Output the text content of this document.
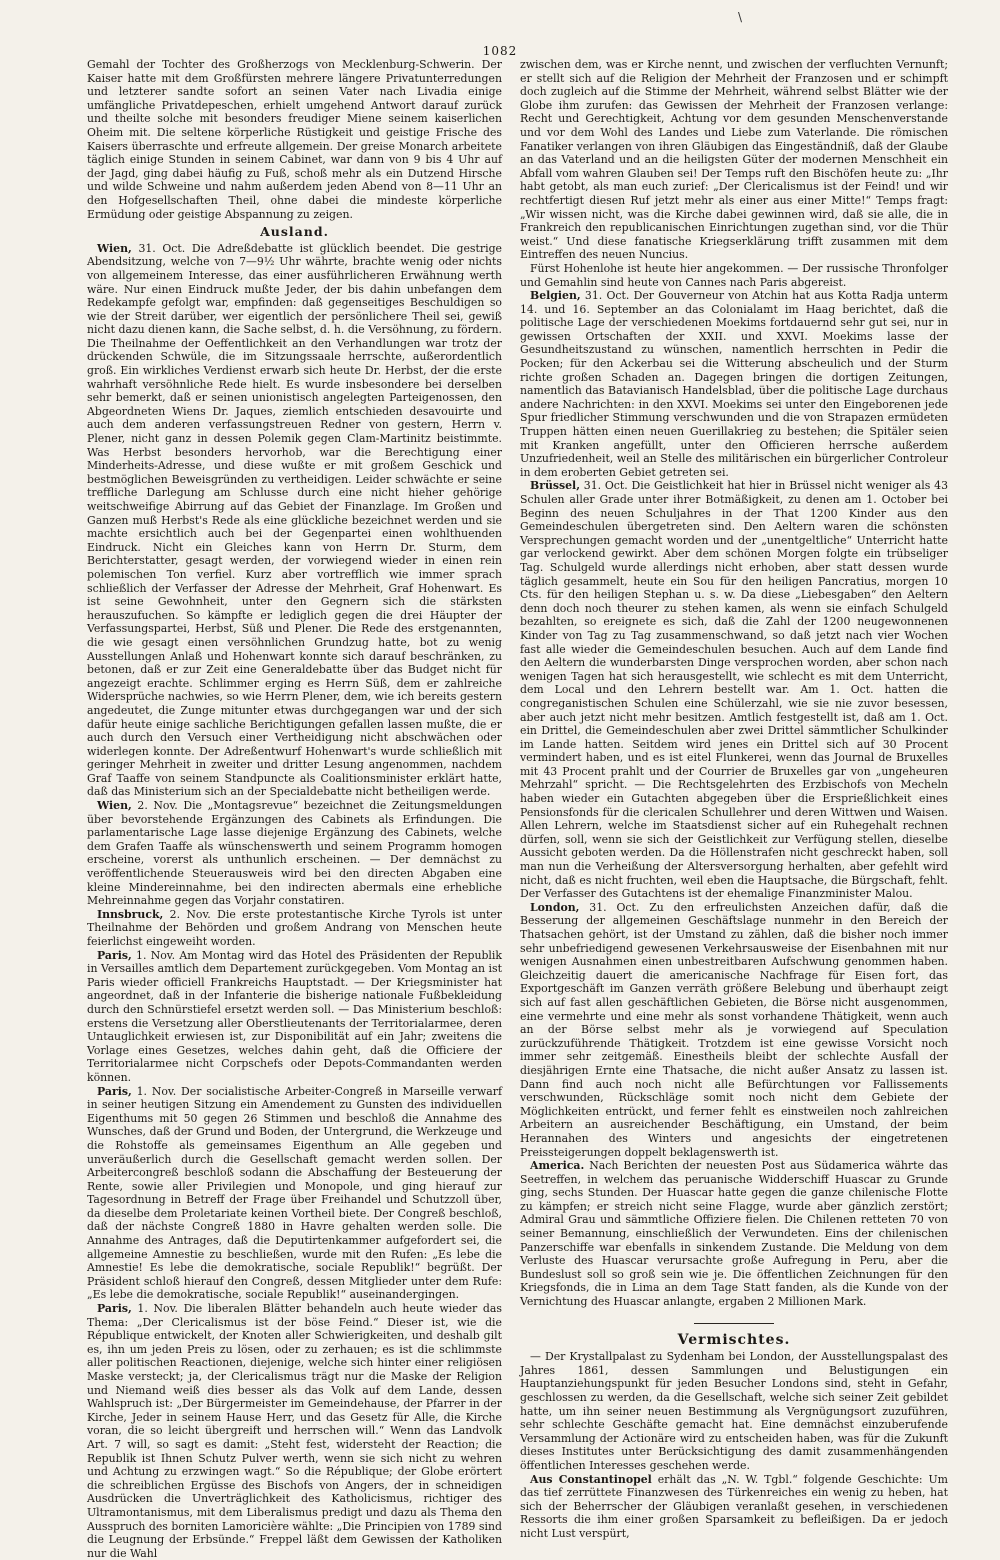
1082
\

Gemahl der Tochter des Großherzogs von Mecklenburg-Schwerin. Der Kaiser hatte mit dem Großfürsten mehrere längere Privatunterredungen und letzterer sandte sofort an seinen Vater nach Livadia einige umfängliche Privatdepeschen, erhielt umgehend Antwort darauf zurück und theilte solche mit besonders freudiger Miene seinem kaiserlichen Oheim mit. Die seltene körperliche Rüstigkeit und geistige Frische des Kaisers überraschte und erfreute allgemein. Der greise Monarch arbeitete täglich einige Stunden in seinem Cabinet, war dann von 9 bis 4 Uhr auf der Jagd, ging dabei häufig zu Fuß, schoß mehr als ein Dutzend Hirsche und wilde Schweine und nahm außerdem jeden Abend von 8—11 Uhr an den Hofgesellschaften Theil, ohne dabei die mindeste körperliche Ermüdung oder geistige Abspannung zu zeigen.

Ausland.

Wien, 31. Oct. Die Adreßdebatte ist glücklich beendet. Die gestrige Abendsitzung, welche von 7—9½ Uhr währte, brachte wenig oder nichts von allgemeinem Interesse, das einer ausführlicheren Erwähnung werth wäre. Nur einen Eindruck mußte Jeder, der bis dahin unbefangen dem Redekampfe gefolgt war, empfinden: daß gegenseitiges Beschuldigen so wie der Streit darüber, wer eigentlich der persönlichere Theil sei, gewiß nicht dazu dienen kann, die Sache selbst, d. h. die Versöhnung, zu fördern. Die Theilnahme der Oeffentlichkeit an den Verhandlungen war trotz der drückenden Schwüle, die im Sitzungssaale herrschte, außerordentlich groß. Ein wirkliches Verdienst erwarb sich heute Dr. Herbst, der die erste wahrhaft versöhnliche Rede hielt. Es wurde insbesondere bei derselben sehr bemerkt, daß er seinen unionistisch angelegten Parteigenossen, den Abgeordneten Wiens Dr. Jaques, ziemlich entschieden desavouirte und auch dem anderen verfassungstreuen Redner von gestern, Herrn v. Plener, nicht ganz in dessen Polemik gegen Clam-Martinitz beistimmte. Was Herbst besonders hervorhob, war die Berechtigung einer Minderheits-Adresse, und diese wußte er mit großem Geschick und bestmöglichen Beweisgründen zu vertheidigen. Leider schwächte er seine treffliche Darlegung am Schlusse durch eine nicht hieher gehörige weitschweifige Abirrung auf das Gebiet der Finanzlage. Im Großen und Ganzen muß Herbst's Rede als eine glückliche bezeichnet werden und sie machte ersichtlich auch bei der Gegenpartei einen wohlthuenden Eindruck. Nicht ein Gleiches kann von Herrn Dr. Sturm, dem Berichterstatter, gesagt werden, der vorwiegend wieder in einen rein polemischen Ton verfiel. Kurz aber vortrefflich wie immer sprach schließlich der Verfasser der Adresse der Mehrheit, Graf Hohenwart. Es ist seine Gewohnheit, unter den Gegnern sich die stärksten herauszufuchen. So kämpfte er lediglich gegen die drei Häupter der Verfassungspartei, Herbst, Süß und Plener. Die Rede des erstgenannten, die wie gesagt einen versöhnlichen Grundzug hatte, bot zu wenig Ausstellungen Anlaß und Hohenwart konnte sich darauf beschränken, zu betonen, daß er zur Zeit eine Generaldebatte über das Budget nicht für angezeigt erachte. Schlimmer erging es Herrn Süß, dem er zahlreiche Widersprüche nachwies, so wie Herrn Plener, dem, wie ich bereits gestern angedeutet, die Zunge mitunter etwas durchgegangen war und der sich dafür heute einige sachliche Berichtigungen gefallen lassen mußte, die er auch durch den Versuch einer Vertheidigung nicht abschwächen oder widerlegen konnte. Der Adreßentwurf Hohenwart's wurde schließlich mit geringer Mehrheit in zweiter und dritter Lesung angenommen, nachdem Graf Taaffe von seinem Standpuncte als Coalitionsminister erklärt hatte, daß das Ministerium sich an der Specialdebatte nicht betheiligen werde.

Wien, 2. Nov. Die „Montagsrevue“ bezeichnet die Zeitungsmeldungen über bevorstehende Ergänzungen des Cabinets als Erfindungen. Die parlamentarische Lage lasse diejenige Ergänzung des Cabinets, welche dem Grafen Taaffe als wünschenswerth und seinem Programm homogen erscheine, vorerst als unthunlich erscheinen. — Der demnächst zu veröffentlichende Steuerausweis wird bei den directen Abgaben eine kleine Mindereinnahme, bei den indirecten abermals eine erhebliche Mehreinnahme gegen das Vorjahr constatiren.

Innsbruck, 2. Nov. Die erste protestantische Kirche Tyrols ist unter Theilnahme der Behörden und großem Andrang von Menschen heute feierlichst eingeweiht worden.

Paris, 1. Nov. Am Montag wird das Hotel des Präsidenten der Republik in Versailles amtlich dem Departement zurückgegeben. Vom Montag an ist Paris wieder officiell Frankreichs Hauptstadt. — Der Kriegsminister hat angeordnet, daß in der Infanterie die bisherige nationale Fußbekleidung durch den Schnürstiefel ersetzt werden soll. — Das Ministerium beschloß: erstens die Versetzung aller Oberstlieutenants der Territorialarmee, deren Untauglichkeit erwiesen ist, zur Disponibilität auf ein Jahr; zweitens die Vorlage eines Gesetzes, welches dahin geht, daß die Officiere der Territorialarmee nicht Corpschefs oder Depots-Commandanten werden können.

Paris, 1. Nov. Der socialistische Arbeiter-Congreß in Marseille verwarf in seiner heutigen Sitzung ein Amendement zu Gunsten des individuellen Eigenthums mit 50 gegen 26 Stimmen und beschloß die Annahme des Wunsches, daß der Grund und Boden, der Untergrund, die Werkzeuge und die Rohstoffe als gemeinsames Eigenthum an Alle gegeben und unveräußerlich durch die Gesellschaft gemacht werden sollen. Der Arbeitercongreß beschloß sodann die Abschaffung der Besteuerung der Rente, sowie aller Privilegien und Monopole, und ging hierauf zur Tagesordnung in Betreff der Frage über Freihandel und Schutzzoll über, da dieselbe dem Proletariate keinen Vortheil biete. Der Congreß beschloß, daß der nächste Congreß 1880 in Havre gehalten werden solle. Die Annahme des Antrages, daß die Deputirtenkammer aufgefordert sei, die allgemeine Amnestie zu beschließen, wurde mit den Rufen: „Es lebe die Amnestie! Es lebe die demokratische, sociale Republik!“ begrüßt. Der Präsident schloß hierauf den Congreß, dessen Mitglieder unter dem Rufe: „Es lebe die demokratische, sociale Republik!“ auseinandergingen.

Paris, 1. Nov. Die liberalen Blätter behandeln auch heute wieder das Thema: „Der Clericalismus ist der böse Feind.“ Dieser ist, wie die République entwickelt, der Knoten aller Schwierigkeiten, und deshalb gilt es, ihn um jeden Preis zu lösen, oder zu zerhauen; es ist die schlimmste aller politischen Reactionen, diejenige, welche sich hinter einer religiösen Maske versteckt; ja, der Clericalismus trägt nur die Maske der Religion und Niemand weiß dies besser als das Volk auf dem Lande, dessen Wahlspruch ist: „Der Bürgermeister im Gemeindehause, der Pfarrer in der Kirche, Jeder in seinem Hause Herr, und das Gesetz für Alle, die Kirche voran, die so leicht übergreift und herrschen will.“ Wenn das Landvolk Art. 7 will, so sagt es damit: „Steht fest, widersteht der Reaction; die Republik ist Ihnen Schutz Pulver werth, wenn sie sich nicht zu wehren und Achtung zu erzwingen wagt.“ So die République; der Globe erörtert die schreiblichen Ergüsse des Bischofs von Angers, der in schneidigen Ausdrücken die Unverträglichkeit des Katholicismus, richtiger des Ultramontanismus, mit dem Liberalismus predigt und dazu als Thema den Ausspruch des borniten Lamoricière wählte: „Die Principien von 1789 sind die Leugnung der Erbsünde.“ Freppel läßt dem Gewissen der Katholiken nur die Wahl

zwischen dem, was er Kirche nennt, und zwischen der verfluchten Vernunft; er stellt sich auf die Religion der Mehrheit der Franzosen und er schimpft doch zugleich auf die Stimme der Mehrheit, während selbst Blätter wie der Globe ihm zurufen: das Gewissen der Mehrheit der Franzosen verlange: Recht und Gerechtigkeit, Achtung vor dem gesunden Menschenverstande und vor dem Wohl des Landes und Liebe zum Vaterlande. Die römischen Fanatiker verlangen von ihren Gläubigen das Eingeständniß, daß der Glaube an das Vaterland und an die heiligsten Güter der modernen Menschheit ein Abfall vom wahren Glauben sei! Der Temps ruft den Bischöfen heute zu: „Ihr habt getobt, als man euch zurief: „Der Clericalismus ist der Feind! und wir rechtfertigt diesen Ruf jetzt mehr als einer aus einer Mitte!“ Temps fragt: „Wir wissen nicht, was die Kirche dabei gewinnen wird, daß sie alle, die in Frankreich den republicanischen Einrichtungen zugethan sind, vor die Thür weist.“ Und diese fanatische Kriegserklärung trifft zusammen mit dem Eintreffen des neuen Nuncius.

Fürst Hohenlohe ist heute hier angekommen. — Der russische Thronfolger und Gemahlin sind heute von Cannes nach Paris abgereist.

Belgien, 31. Oct. Der Gouverneur von Atchin hat aus Kotta Radja unterm 14. und 16. September an das Colonialamt im Haag berichtet, daß die politische Lage der verschiedenen Moekims fortdauernd sehr gut sei, nur in gewissen Ortschaften der XXII. und XXVI. Moekims lasse der Gesundheitszustand zu wünschen, namentlich herrschten in Pedir die Pocken; für den Ackerbau sei die Witterung abscheulich und der Sturm richte großen Schaden an. Dagegen bringen die dortigen Zeitungen, namentlich das Batavianisch Handelsblad, über die politische Lage durchaus andere Nachrichten: in den XXVI. Moekims sei unter den Eingeborenen jede Spur friedlicher Stimmung verschwunden und die von Strapazen ermüdeten Truppen hätten einen neuen Guerillakrieg zu bestehen; die Spitäler seien mit Kranken angefüllt, unter den Officieren herrsche außerdem Unzufriedenheit, weil an Stelle des militärischen ein bürgerlicher Controleur in dem eroberten Gebiet getreten sei.

Brüssel, 31. Oct. Die Geistlichkeit hat hier in Brüssel nicht weniger als 43 Schulen aller Grade unter ihrer Botmäßigkeit, zu denen am 1. October bei Beginn des neuen Schuljahres in der That 1200 Kinder aus den Gemeindeschulen übergetreten sind. Den Aeltern waren die schönsten Versprechungen gemacht worden und der „unentgeltliche“ Unterricht hatte gar verlockend gewirkt. Aber dem schönen Morgen folgte ein trübseliger Tag. Schulgeld wurde allerdings nicht erhoben, aber statt dessen wurde täglich gesammelt, heute ein Sou für den heiligen Pancratius, morgen 10 Cts. für den heiligen Stephan u. s. w. Da diese „Liebesgaben“ den Aeltern denn doch noch theurer zu stehen kamen, als wenn sie einfach Schulgeld bezahlten, so ereignete es sich, daß die Zahl der 1200 neugewonnenen Kinder von Tag zu Tag zusammenschwand, so daß jetzt nach vier Wochen fast alle wieder die Gemeindeschulen besuchen. Auch auf dem Lande find den Aeltern die wunderbarsten Dinge versprochen worden, aber schon nach wenigen Tagen hat sich herausgestellt, wie schlecht es mit dem Unterricht, dem Local und den Lehrern bestellt war. Am 1. Oct. hatten die congreganistischen Schulen eine Schülerzahl, wie sie nie zuvor besessen, aber auch jetzt nicht mehr besitzen. Amtlich festgestellt ist, daß am 1. Oct. ein Drittel, die Gemeindeschulen aber zwei Drittel sämmtlicher Schulkinder im Lande hatten. Seitdem wird jenes ein Drittel sich auf 30 Procent vermindert haben, und es ist eitel Flunkerei, wenn das Journal de Bruxelles mit 43 Procent prahlt und der Courrier de Bruxelles gar von „ungeheuren Mehrzahl“ spricht. — Die Rechtsgelehrten des Erzbischofs von Mecheln haben wieder ein Gutachten abgegeben über die Ersprießlichkeit eines Pensionsfonds für die clericalen Schullehrer und deren Wittwen und Waisen. Allen Lehrern, welche im Staatsdienst sicher auf ein Ruhegehalt rechnen dürfen, soll, wenn sie sich der Geistlichkeit zur Verfügung stellen, dieselbe Aussicht geboten werden. Da die Höllenstrafen nicht geschreckt haben, soll man nun die Verheißung der Altersversorgung herhalten, aber gefehlt wird nicht, daß es nicht fruchten, weil eben die Hauptsache, die Bürgschaft, fehlt. Der Verfasser des Gutachtens ist der ehemalige Finanzminister Malou.

London, 31. Oct. Zu den erfreulichsten Anzeichen dafür, daß die Besserung der allgemeinen Geschäftslage nunmehr in den Bereich der Thatsachen gehört, ist der Umstand zu zählen, daß die bisher noch immer sehr unbefriedigend gewesenen Verkehrsausweise der Eisenbahnen mit nur wenigen Ausnahmen einen unbestreitbaren Aufschwung genommen haben. Gleichzeitig dauert die americanische Nachfrage für Eisen fort, das Exportgeschäft im Ganzen verräth größere Belebung und überhaupt zeigt sich auf fast allen geschäftlichen Gebieten, die Börse nicht ausgenommen, eine vermehrte und eine mehr als sonst vorhandene Thätigkeit, wenn auch an der Börse selbst mehr als je vorwiegend auf Speculation zurückzuführende Thätigkeit. Trotzdem ist eine gewisse Vorsicht noch immer sehr zeitgemäß. Einestheils bleibt der schlechte Ausfall der diesjährigen Ernte eine Thatsache, die nicht außer Ansatz zu lassen ist. Dann find auch noch nicht alle Befürchtungen vor Fallissements verschwunden, Rückschläge somit noch nicht dem Gebiete der Möglichkeiten entrückt, und ferner fehlt es einstweilen noch zahlreichen Arbeitern an ausreichender Beschäftigung, ein Umstand, der beim Herannahen des Winters und angesichts der eingetretenen Preissteigerungen doppelt beklagenswerth ist.

America. Nach Berichten der neuesten Post aus Südamerica währte das Seetreffen, in welchem das peruanische Widderschiff Huascar zu Grunde ging, sechs Stunden. Der Huascar hatte gegen die ganze chilenische Flotte zu kämpfen; er streich nicht seine Flagge, wurde aber gänzlich zerstört; Admiral Grau und sämmtliche Offiziere fielen. Die Chilenen retteten 70 von seiner Bemannung, einschließlich der Verwundeten. Eins der chilenischen Panzerschiffe war ebenfalls in sinkendem Zustande. Die Meldung von dem Verluste des Huascar verursachte große Aufregung in Peru, aber die Bundeslust soll so groß sein wie je. Die öffentlichen Zeichnungen für den Kriegsfonds, die in Lima an dem Tage Statt fanden, als die Kunde von der Vernichtung des Huascar anlangte, ergaben 2 Millionen Mark.

Vermischtes.

— Der Krystallpalast zu Sydenham bei London, der Ausstellungspalast des Jahres 1861, dessen Sammlungen und Belustigungen ein Hauptanziehungspunkt für jeden Besucher Londons sind, steht in Gefahr, geschlossen zu werden, da die Gesellschaft, welche sich seiner Zeit gebildet hatte, um ihn seiner neuen Bestimmung als Vergnügungsort zuzuführen, sehr schlechte Geschäfte gemacht hat. Eine demnächst einzuberufende Versammlung der Actionäre wird zu entscheiden haben, was für die Zukunft dieses Institutes unter Berücksichtigung des damit zusammenhängenden öffentlichen Interesses geschehen werde.

Aus Constantinopel erhält das „N. W. Tgbl.“ folgende Geschichte: Um das tief zerrüttete Finanzwesen des Türkenreiches ein wenig zu heben, hat sich der Beherrscher der Gläubigen veranlaßt gesehen, in verschiedenen Ressorts die ihm einer großen Sparsamkeit zu befleißigen. Da er jedoch nicht Lust verspürt,
